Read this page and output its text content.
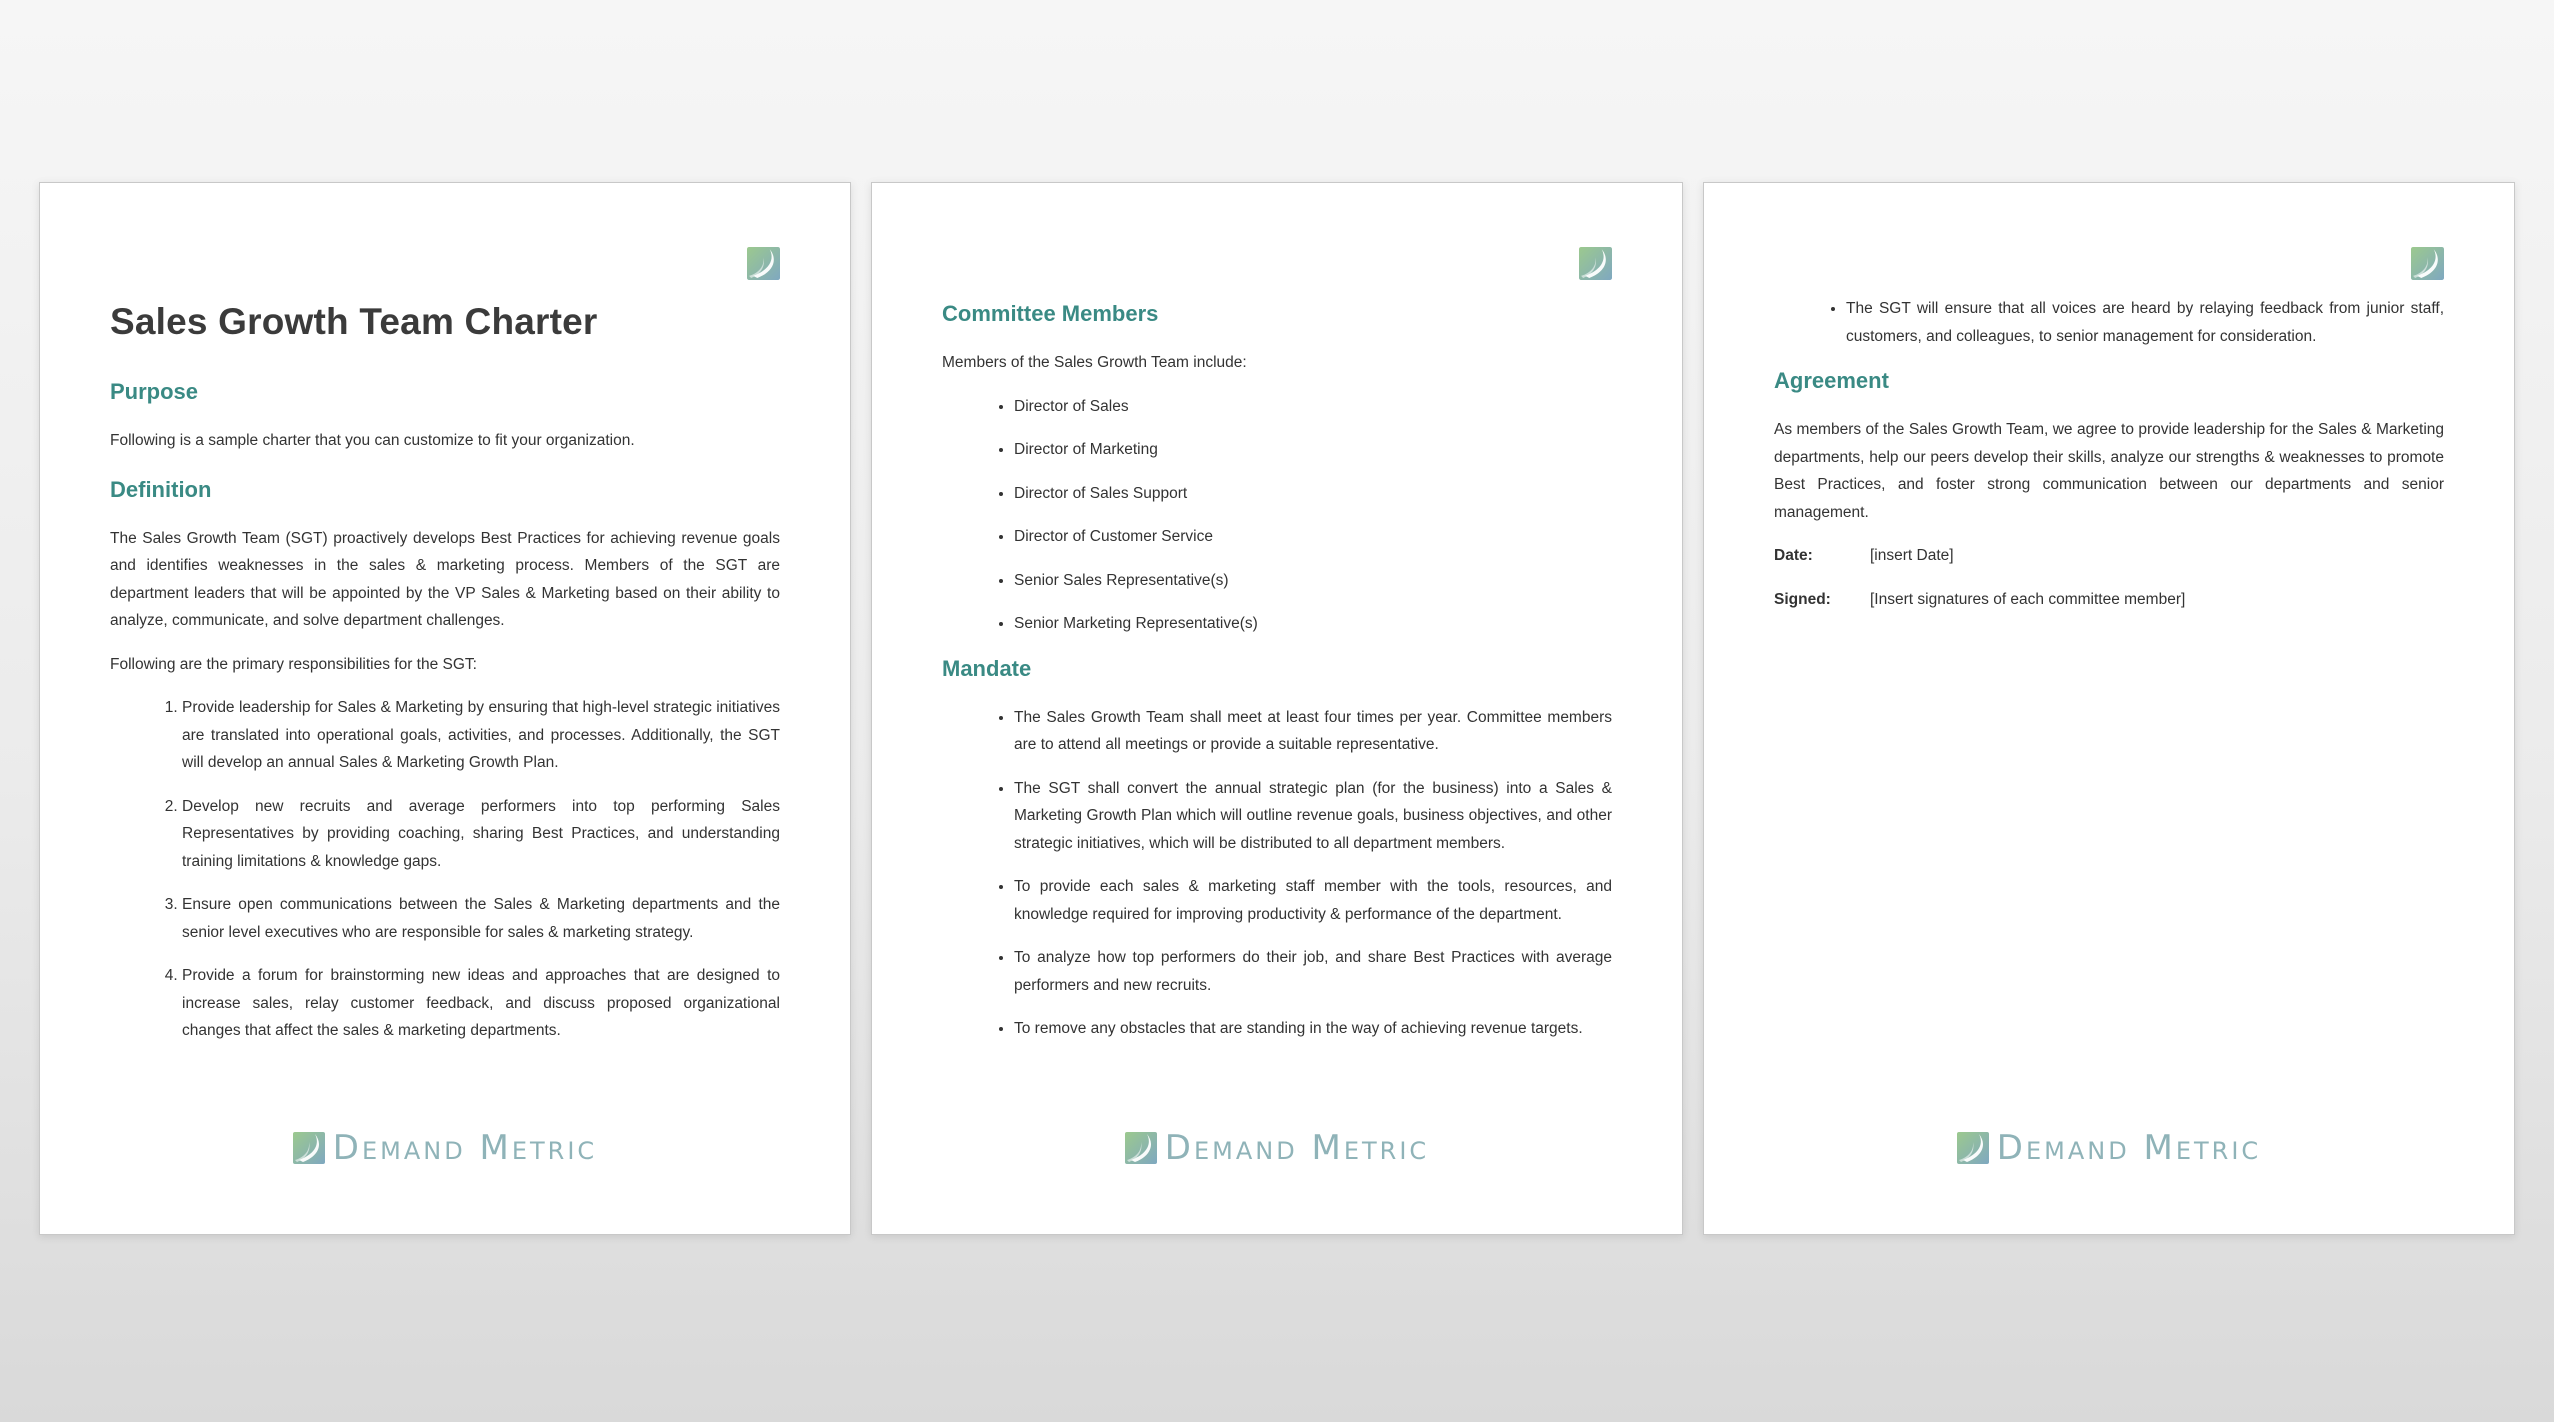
Sales Growth Team Charter
Purpose

Following is a sample charter that you can customize to fit your organization.

Definition

The Sales Growth Team (SGT) proactively develops Best Practices for achieving revenue goals and identifies weaknesses in the sales & marketing process. Members of the SGT are department leaders that will be appointed by the VP Sales & Marketing based on their ability to analyze, communicate, and solve department challenges.

Following are the primary responsibilities for the SGT:

1. Provide leadership for Sales & Marketing by ensuring that high-level strategic initiatives are translated into operational goals, activities, and processes. Additionally, the SGT will develop an annual Sales & Marketing Growth Plan.
2. Develop new recruits and average performers into top performing Sales Representatives by providing coaching, sharing Best Practices, and understanding training limitations & knowledge gaps.
3. Ensure open communications between the Sales & Marketing departments and the senior level executives who are responsible for sales & marketing strategy.
4. Provide a forum for brainstorming new ideas and approaches that are designed to increase sales, relay customer feedback, and discuss proposed organizational changes that affect the sales & marketing departments.
Demand Metric
Committee Members

Members of the Sales Growth Team include:

• Director of Sales
• Director of Marketing
• Director of Sales Support
• Director of Customer Service
• Senior Sales Representative(s)
• Senior Marketing Representative(s)
Mandate
• The Sales Growth Team shall meet at least four times per year. Committee members are to attend all meetings or provide a suitable representative.
• The SGT shall convert the annual strategic plan (for the business) into a Sales & Marketing Growth Plan which will outline revenue goals, business objectives, and other strategic initiatives, which will be distributed to all department members.
• To provide each sales & marketing staff member with the tools, resources, and knowledge required for improving productivity & performance of the department.
• To analyze how top performers do their job, and share Best Practices with average performers and new recruits.
• To remove any obstacles that are standing in the way of achieving revenue targets.
Demand Metric
• The SGT will ensure that all voices are heard by relaying feedback from junior staff, customers, and colleagues, to senior management for consideration.
Agreement

As members of the Sales Growth Team, we agree to provide leadership for the Sales & Marketing departments, help our peers develop their skills, analyze our strengths & weaknesses to promote Best Practices, and foster strong communication between our departments and senior management.

Date:	[insert Date]
Signed:	[Insert signatures of each committee member]
Demand Metric
